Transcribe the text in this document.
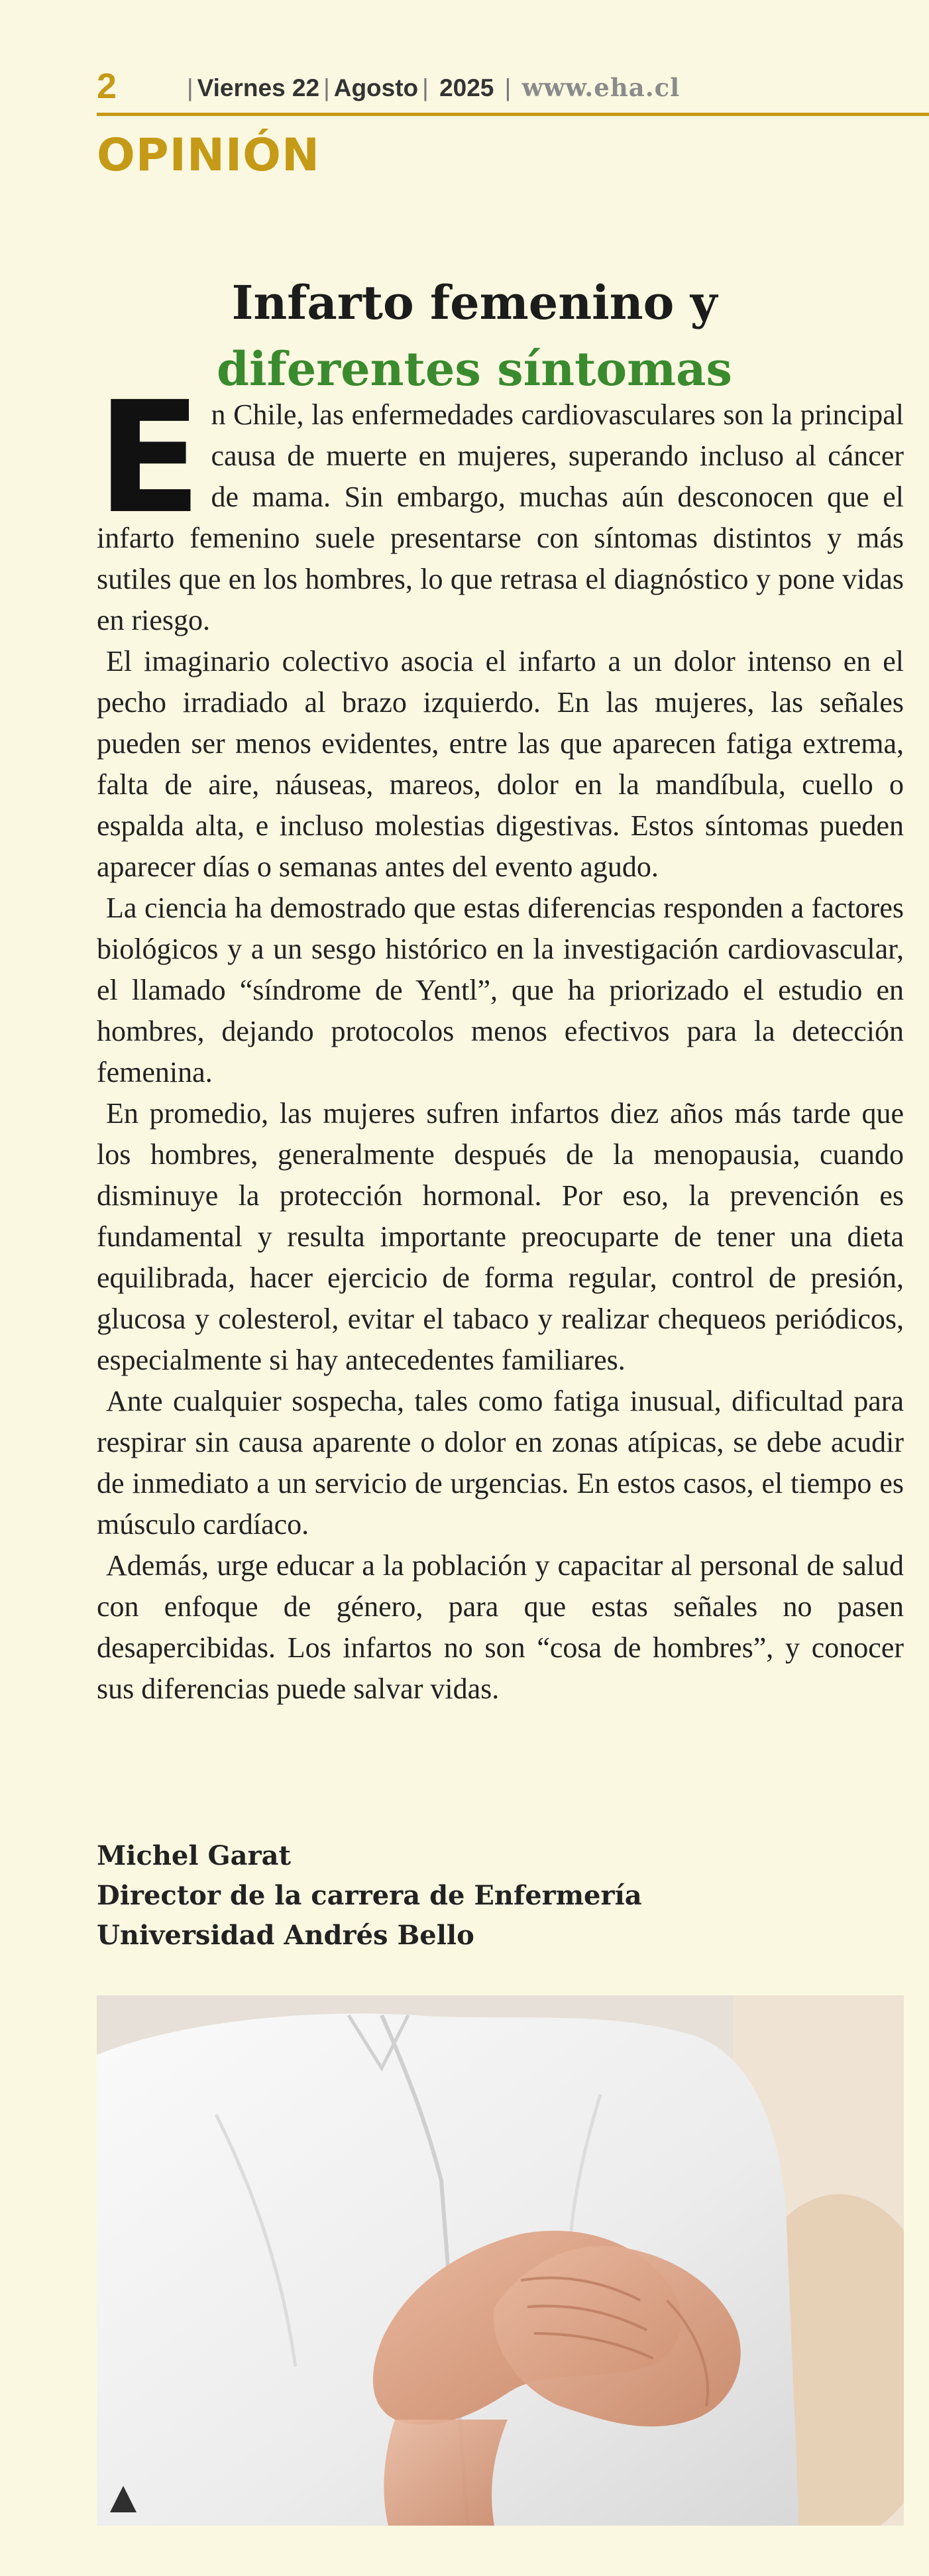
2	| Viernes 22 | Agosto | 2025 | www.eha.cl
OPINIÓN
Infarto femenino y
diferentes síntomas

En Chile, las enfermedades cardiovasculares son la principal causa de muerte en mujeres, superando incluso al cáncer de mama. Sin embargo, muchas aún desconocen que el infarto femenino suele presentarse con síntomas distintos y más sutiles que en los hombres, lo que retrasa el diagnóstico y pone vidas en riesgo.

El imaginario colectivo asocia el infarto a un dolor intenso en el pecho irradiado al brazo izquierdo. En las mujeres, las señales pueden ser menos evidentes, entre las que aparecen fatiga extrema, falta de aire, náuseas, mareos, dolor en la mandíbula, cuello o espalda alta, e incluso molestias digestivas. Estos síntomas pueden aparecer días o semanas antes del evento agudo.

La ciencia ha demostrado que estas diferencias responden a factores biológicos y a un sesgo histórico en la investigación cardiovascular, el llamado “síndrome de Yentl”, que ha priorizado el estudio en hombres, dejando protocolos menos efectivos para la detección femenina.

En promedio, las mujeres sufren infartos diez años más tarde que los hombres, generalmente después de la menopausia, cuando disminuye la protección hormonal. Por eso, la prevención es fundamental y resulta importante preocuparte de tener una dieta equilibrada, hacer ejercicio de forma regular, control de presión, glucosa y colesterol, evitar el tabaco y realizar chequeos periódicos, especialmente si hay antecedentes familiares.

Ante cualquier sospecha, tales como fatiga inusual, dificultad para respirar sin causa aparente o dolor en zonas atípicas, se debe acudir de inmediato a un servicio de urgencias. En estos casos, el tiempo es músculo cardíaco.

Además, urge educar a la población y capacitar al personal de salud con enfoque de género, para que estas señales no pasen desapercibidas. Los infartos no son “cosa de hombres”, y conocer sus diferencias puede salvar vidas.

Michel Garat
Director de la carrera de Enfermería
Universidad Andrés Bello
